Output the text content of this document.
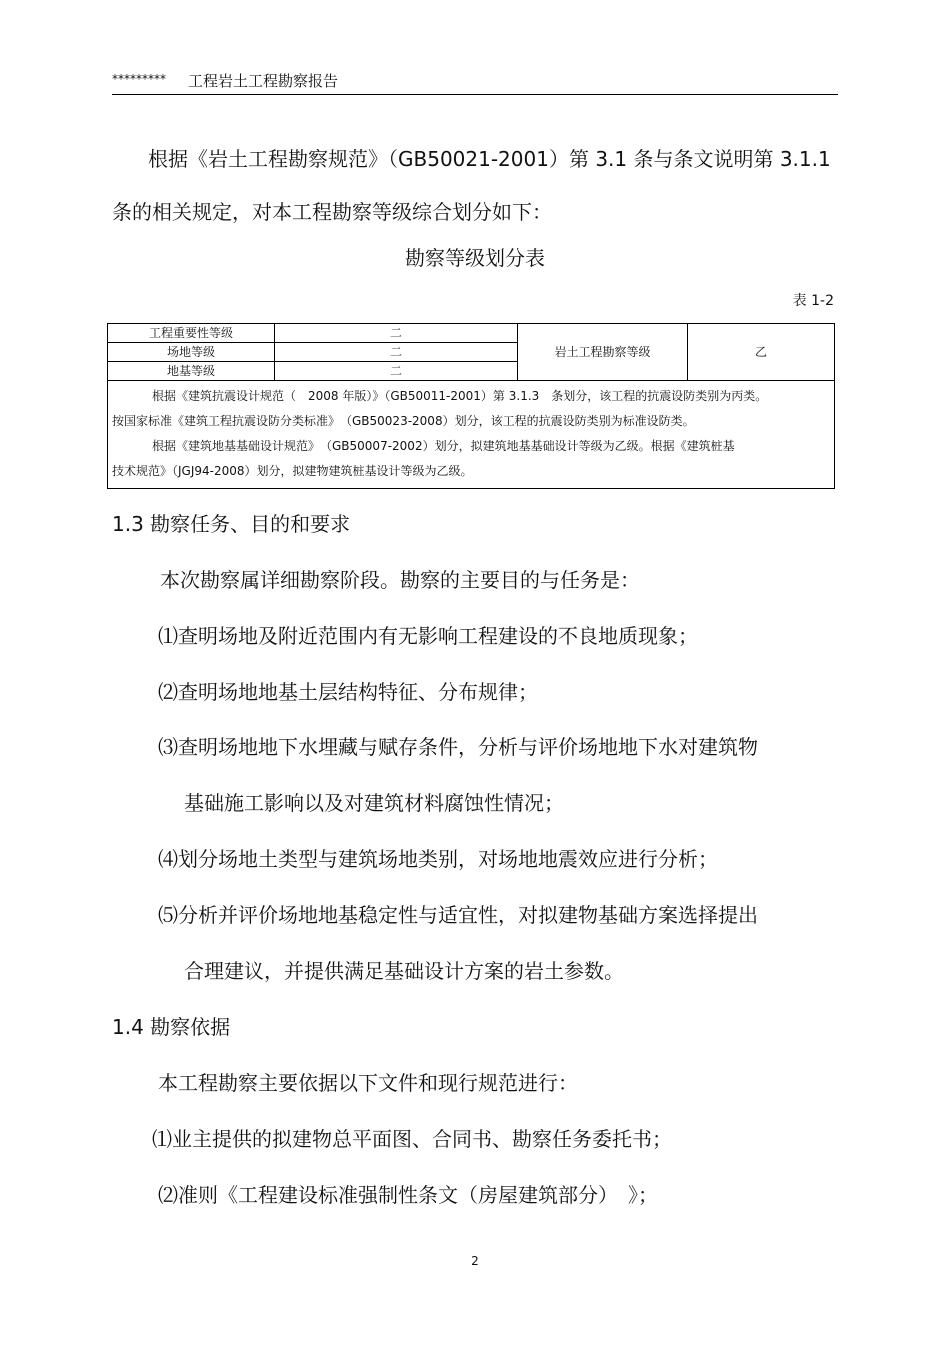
********* 工程岩土工程勘察报告
根据《岩土工程勘察规范》（GB50021-2001）第 3.1 条与条文说明第 3.1.1
条的相关规定，对本工程勘察等级综合划分如下：
勘察等级划分表
表 1-2
工程重要性等级	二	岩土工程勘察等级	乙
场地等级	二		
地基等级	二		

根据《建筑抗震设计规范（　2008 年版）》（GB50011-2001）第 3.1.3　条划分，该工程的抗震设防类别为丙类。
按国家标准《建筑工程抗震设防分类标准》　（GB50023-2008）划分，该工程的抗震设防类别为标准设防类。
根据《建筑地基基础设计规范》　（GB50007-2002）划分，拟建筑地基基础设计等级为乙级。根据《建筑桩基
技术规范》（JGJ94-2008）划分，拟建物建筑桩基设计等级为乙级。			
1.3 勘察任务、目的和要求
本次勘察属详细勘察阶段。勘察的主要目的与任务是：
⑴查明场地及附近范围内有无影响工程建设的不良地质现象；
⑵查明场地地基土层结构特征、分布规律；
⑶查明场地地下水埋藏与赋存条件，分析与评价场地地下水对建筑物
基础施工影响以及对建筑材料腐蚀性情况；
⑷划分场地土类型与建筑场地类别，对场地地震效应进行分析；
⑸分析并评价场地地基稳定性与适宜性，对拟建物基础方案选择提出
合理建议，并提供满足基础设计方案的岩土参数。
1.4 勘察依据
本工程勘察主要依据以下文件和现行规范进行：
⑴业主提供的拟建物总平面图、合同书、勘察任务委托书；
⑵准则《工程建设标准强制性条文（房屋建筑部分）　》；
2
